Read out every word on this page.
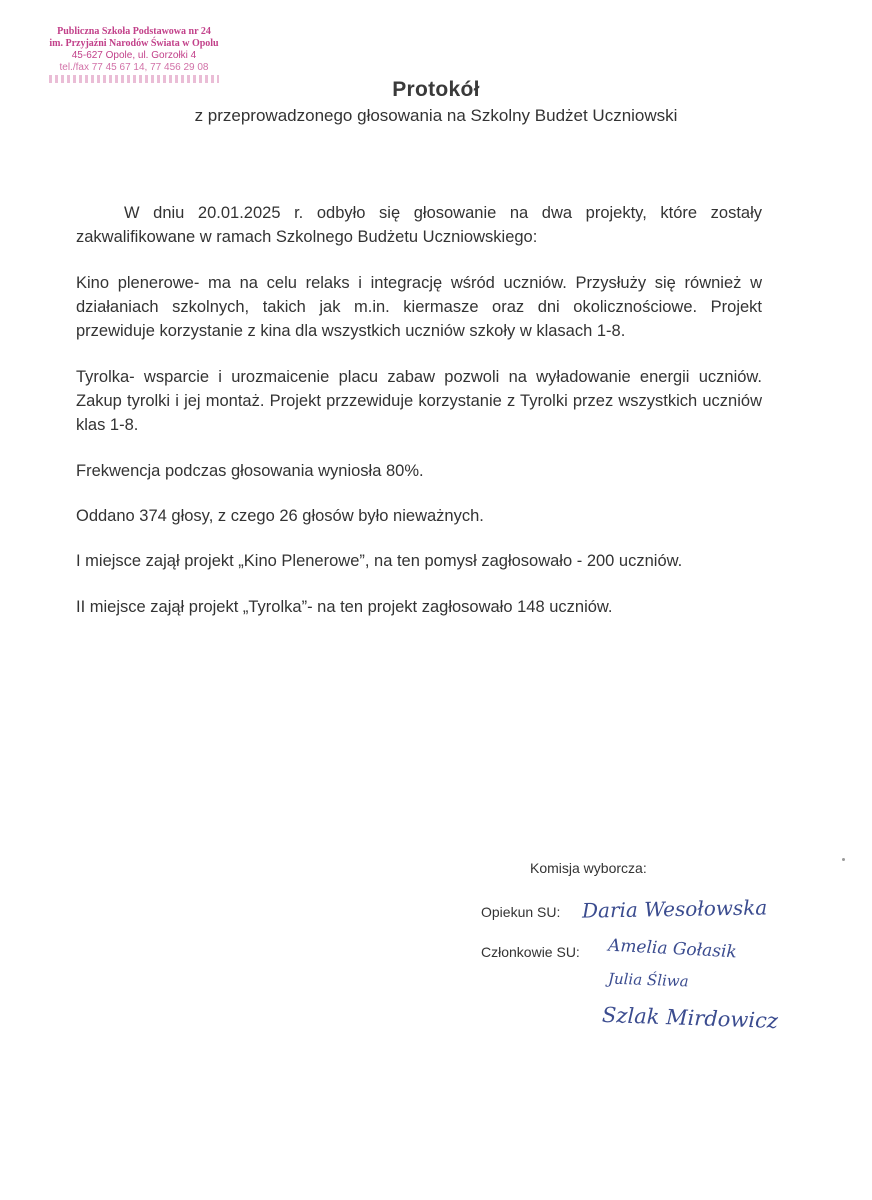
Publiczna Szkoła Podstawowa nr 24
im. Przyjaźni Narodów Świata w Opolu
45-627 Opole, ul. Gorzołki 4
tel./fax 77 45 67 14, 77 456 29 08
Protokół
z przeprowadzonego głosowania na Szkolny Budżet Uczniowski

W dniu 20.01.2025 r. odbyło się głosowanie na dwa projekty, które zostały zakwalifikowane w ramach Szkolnego Budżetu Uczniowskiego:

Kino plenerowe- ma na celu relaks i integrację wśród uczniów. Przysłuży się również w działaniach szkolnych, takich jak m.in. kiermasze oraz dni okolicznościowe. Projekt przewiduje korzystanie z kina dla wszystkich uczniów szkoły w klasach 1-8.

Tyrolka- wsparcie i urozmaicenie placu zabaw pozwoli na wyładowanie energii uczniów. Zakup tyrolki i jej montaż. Projekt przzewiduje korzystanie z Tyrolki przez wszystkich uczniów klas 1-8.

Frekwencja podczas głosowania wyniosła 80%.

Oddano 374 głosy, z czego 26 głosów było nieważnych.

I miejsce zajął projekt „Kino Plenerowe”, na ten pomysł zagłosowało - 200 uczniów.

II miejsce zajął projekt „Tyrolka”- na ten projekt zagłosowało 148 uczniów.

Komisja wyborcza:
Opiekun SU: Daria Wesołowska
Członkowie SU: Amelia Gołasik
Julia Śliwa
Szlak Mirdowicz
